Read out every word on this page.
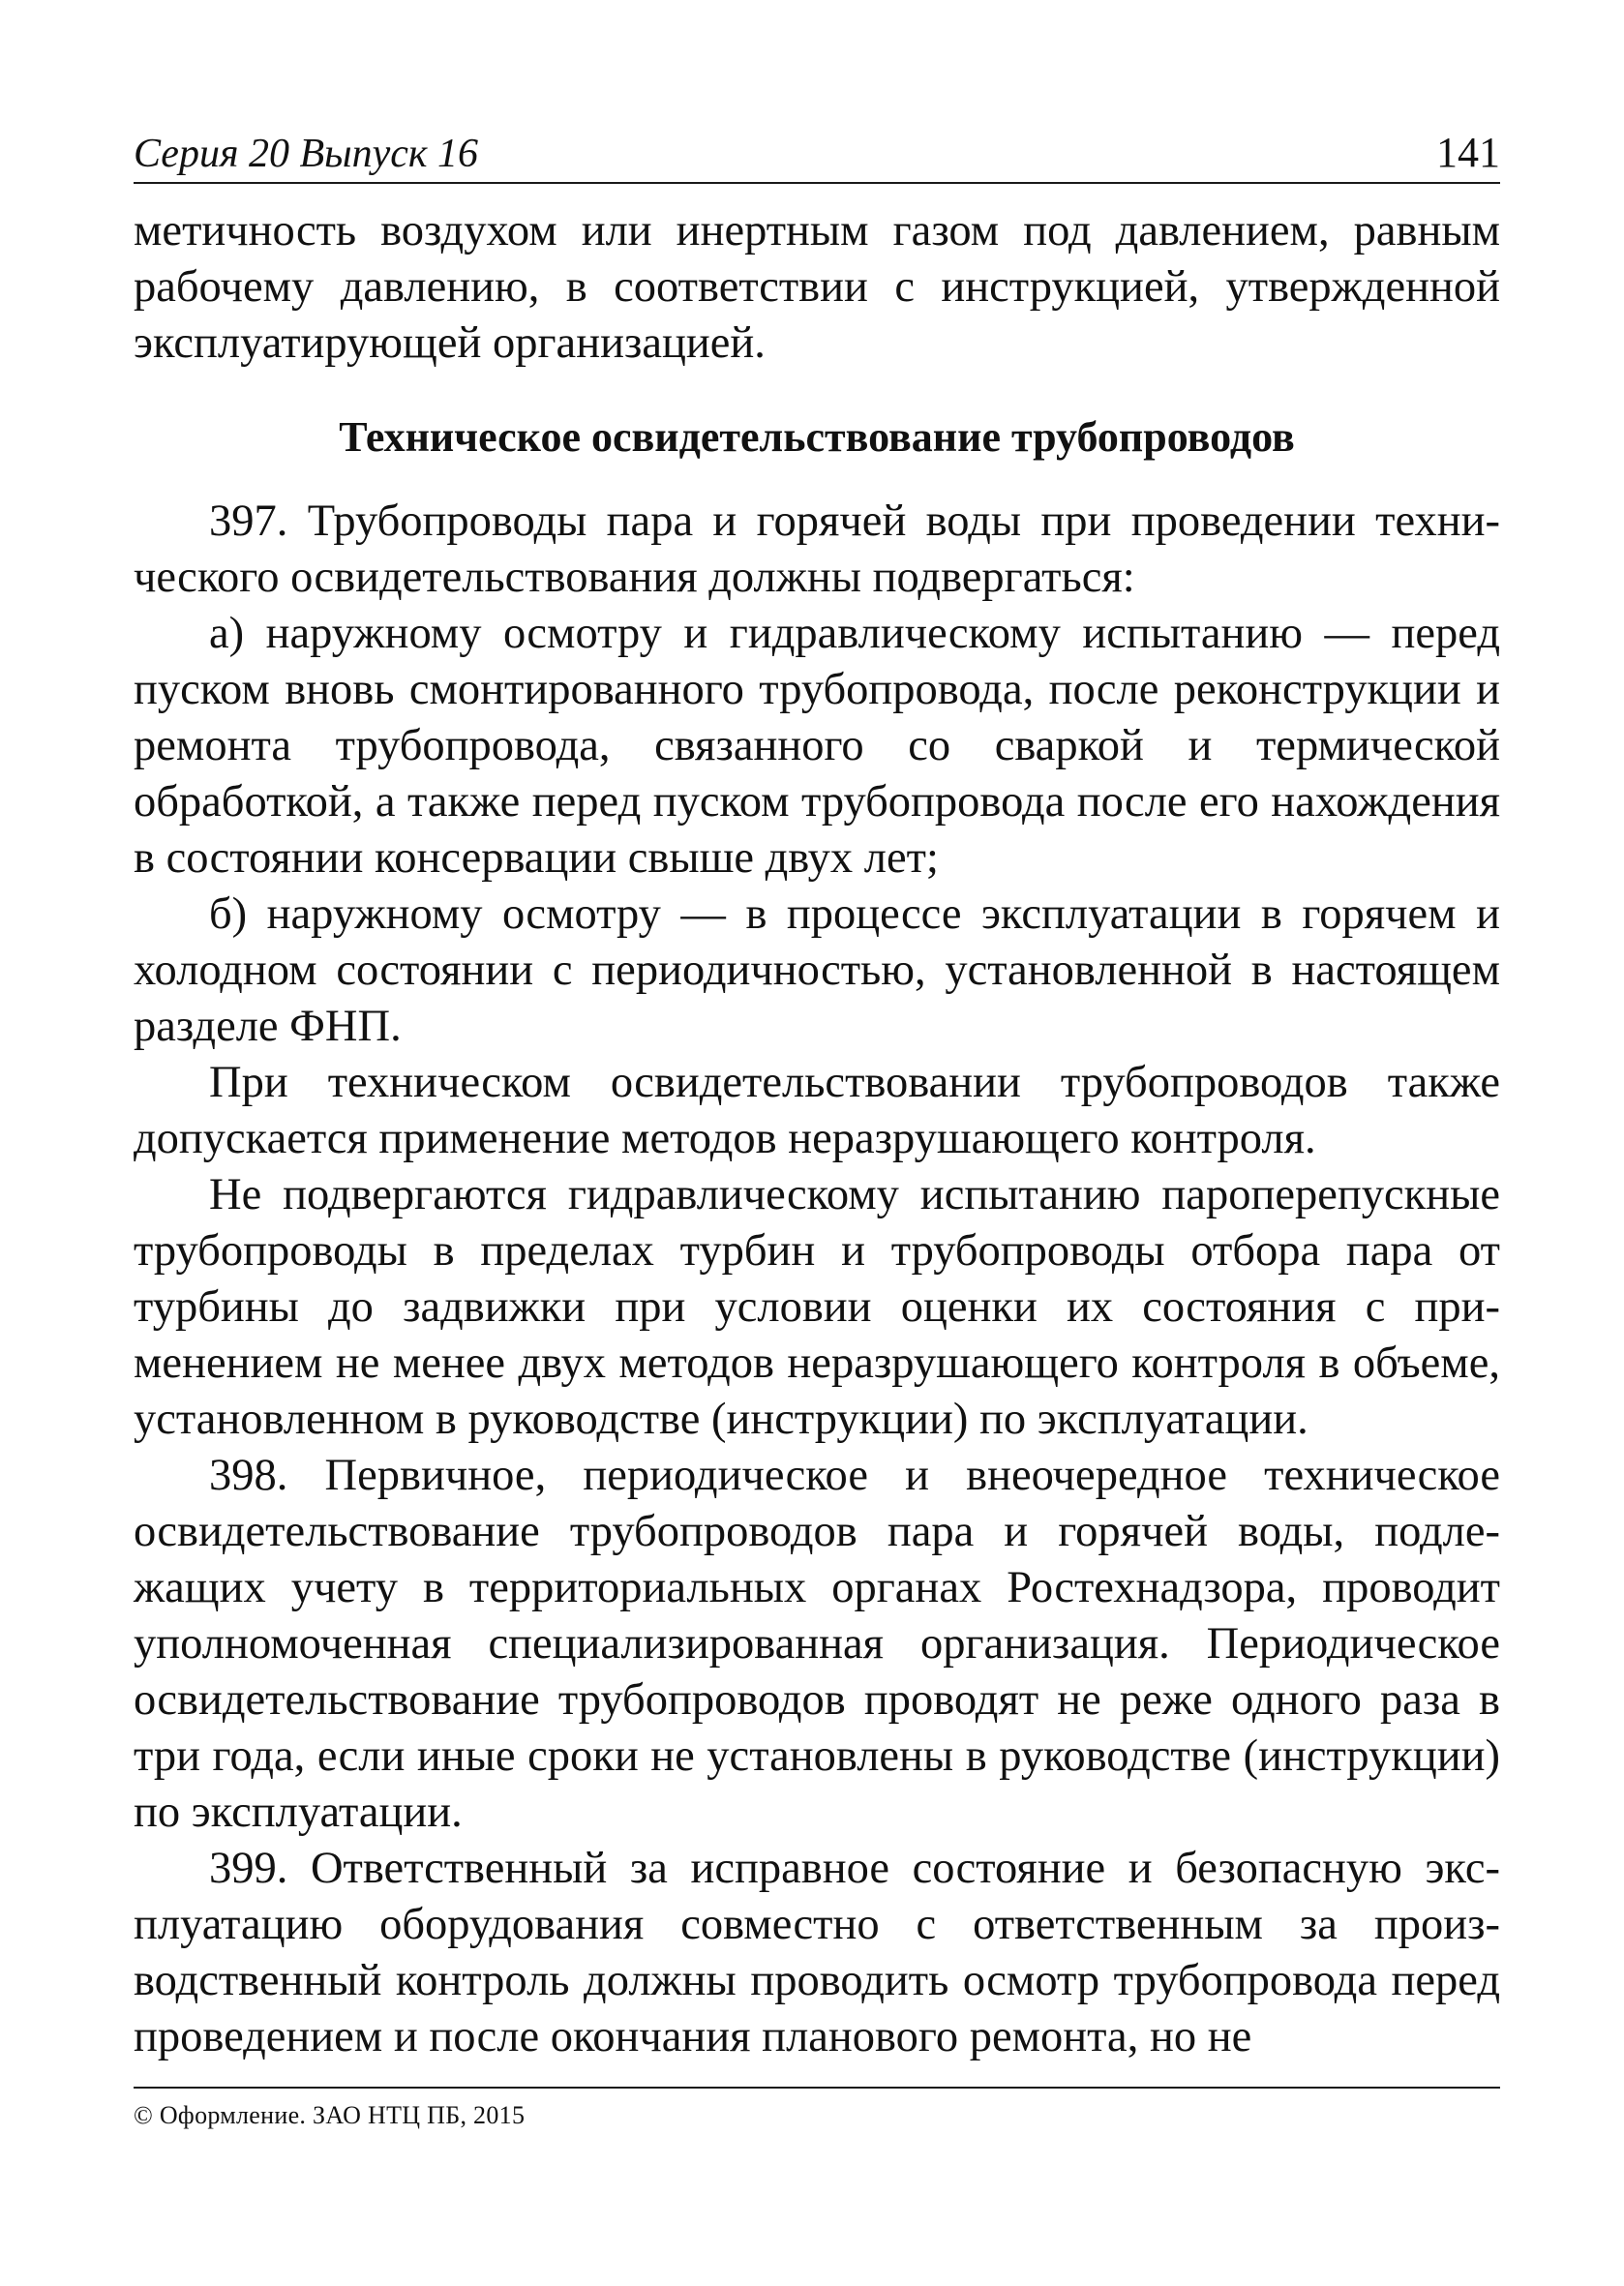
Серия 20 Выпуск 16	141

метичность воздухом или инертным газом под давлением, равным рабочему давлению, в соответствии с инструкцией, утвержденной эксплуатирующей организацией.

Техническое освидетельствование трубопроводов

397. Трубопроводы пара и горячей воды при проведении технического освидетельствования должны подвергаться:

а) наружному осмотру и гидравлическому испытанию — перед пуском вновь смонтированного трубопровода, после реконструкции и ремонта трубопровода, связанного со сваркой и термической обработкой, а также перед пуском трубопровода после его нахождения в состоянии консервации свыше двух лет;

б) наружному осмотру — в процессе эксплуатации в горячем и холодном состоянии с периодичностью, установленной в настоящем разделе ФНП.

При техническом освидетельствовании трубопроводов также допускается применение методов неразрушающего контроля.

Не подвергаются гидравлическому испытанию пароперепускные трубопроводы в пределах турбин и трубопроводы отбора пара от турбины до задвижки при условии оценки их состояния с применением не менее двух методов неразрушающего контроля в объеме, установленном в руководстве (инструкции) по эксплуатации.

398. Первичное, периодическое и внеочередное техническое освидетельствование трубопроводов пара и горячей воды, подлежащих учету в территориальных органах Ростехнадзора, проводит уполномоченная специализированная организация. Периодическое освидетельствование трубопроводов проводят не реже одного раза в три года, если иные сроки не установлены в руководстве (инструкции) по эксплуатации.

399. Ответственный за исправное состояние и безопасную эксплуатацию оборудования совместно с ответственным за производственный контроль должны проводить осмотр трубопровода перед проведением и после окончания планового ремонта, но не

© Оформление. ЗАО НТЦ ПБ, 2015
